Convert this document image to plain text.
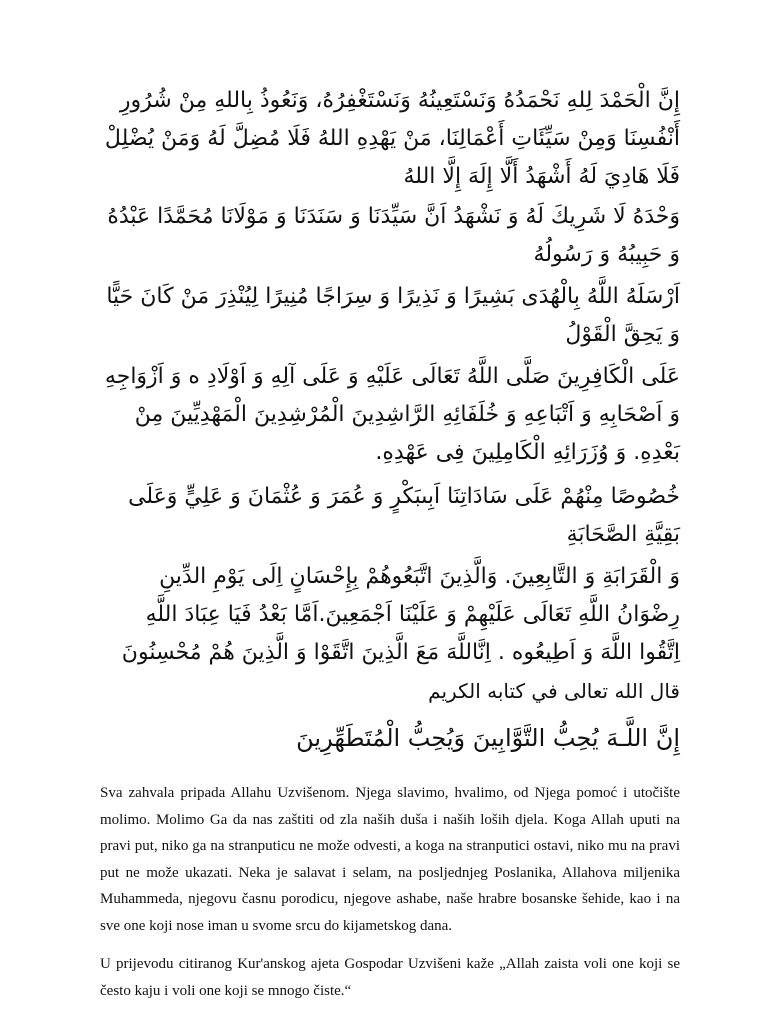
إِنَّ الْحَمْدَ لِلهِ نَحْمَدُهُ وَنَسْتَعِينُهُ وَنَسْتَغْفِرُهُ، وَنَعُوذُ بِاللهِ مِنْ شُرُورِ
أَنْفُسِنَا وَمِنْ سَيِّئَاتِ أَعْمَالِنَا، مَنْ يَهْدِهِ اللهُ فَلَا مُضِلَّ لَهُ وَمَنْ يُضْلِلْ
فَلَا هَادِيَ لَهُ أَشْهَدُ أَلَّا إِلَهَ إِلَّا اللهُ

وَحْدَهُ لَا شَرِيكَ لَهُ وَ نَشْهَدُ اَنَّ سَيِّدَنَا وَ سَنَدَنَا وَ مَوْلَانَا مُحَمَّدًا عَبْدُهُ
وَ حَبِيبُهُ وَ رَسُولُهُ

اَرْسَلَهُ اللَّهُ بِالْهُدَى بَشِيرًا وَ نَذِيرًا وَ سِرَاجًا مُنِيرًا لِيُنْذِرَ مَنْ كَانَ حَيًّا
وَ يَحِقَّ الْقَوْلُ

عَلَى الْكَافِرِينَ صَلَّى اللَّهُ تَعَالَى عَلَيْهِ وَ عَلَى آلِهِ وَ اَوْلَادِ ه وَ اَزْوَاجِهِ
وَ اَصْحَابِهِ وَ اَتْبَاعِهِ وَ خُلَفَائِهِ الرَّاشِدِينَ الْمُرْشِدِينَ الْمَهْدِيِّينَ مِنْ
بَعْدِهِ. وَ وُزَرَائِهِ الْكَامِلِينَ فِى عَهْدِهِ.

خُصُوصًا مِنْهُمْ عَلَى سَادَاتِنَا اَبِىبَكْرٍ وَ عُمَرَ وَ عُثْمَانَ وَ عَلِيٍّ وَعَلَى
بَقِيَّةِ الصَّحَابَةِ

وَ الْقَرَابَةِ وَ التَّابِعِينَ. وَالَّذِينَ اتَّبَعُوهُمْ بِإِحْسَانٍ اِلَى يَوْمِ الدِّينِ
رِضْوَانُ اللَّهِ تَعَالَى عَلَيْهِمْ وَ عَلَيْنَا اَجْمَعِينَ.اَمَّا بَعْدُ فَيَا عِبَادَ اللَّهِ
اِتَّقُوا اللَّهَ وَ اَطِيعُوه . اِنَّاللَّهَ مَعَ الَّذِينَ اتَّقَوْا وَ الَّذِينَ هُمْ مُحْسِنُونَ
قال الله تعالى في كتابه الكريم

إِنَّ اللَّـهَ يُحِبُّ التَّوَّابِينَ وَيُحِبُّ الْمُتَطَهِّرِينَ

Sva zahvala pripada Allahu Uzvišenom. Njega slavimo, hvalimo, od Njega pomoć i utočište molimo. Molimo Ga da nas zaštiti od zla naših duša i naših loših djela. Koga Allah uputi na pravi put, niko ga na stranputicu ne može odvesti, a koga na stranputici ostavi, niko mu na pravi put ne može ukazati. Neka je salavat i selam, na posljednjeg Poslanika, Allahova miljenika Muhammeda, njegovu časnu porodicu, njegove ashabe, naše hrabre bosanske šehide, kao i na sve one koji nose iman u svome srcu do kijametskog dana.

U prijevodu citiranog Kur'anskog ajeta Gospodar Uzvišeni kaže „Allah zaista voli one koji se često kaju i voli one koji se mnogo čiste.“
